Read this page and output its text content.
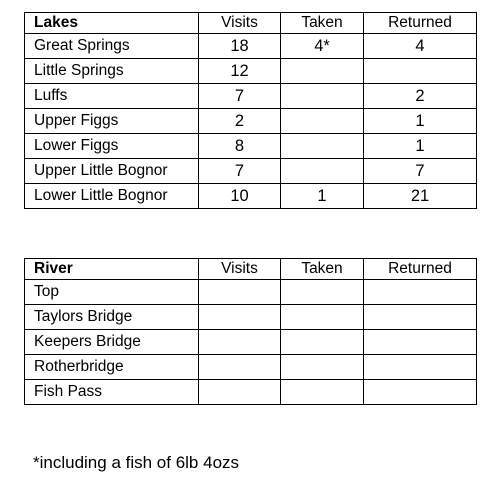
Lakes	Visits	Taken	Returned
Great Springs	18	4*	4
Little Springs	12		
Luffs	7		2
Upper Figgs	2		1
Lower Figgs	8		1
Upper Little Bognor	7		7
Lower Little Bognor	10	1	21
River	Visits	Taken	Returned
Top			
Taylors Bridge			
Keepers Bridge			
Rotherbridge			
Fish Pass			
*including a fish of 6lb 4ozs
